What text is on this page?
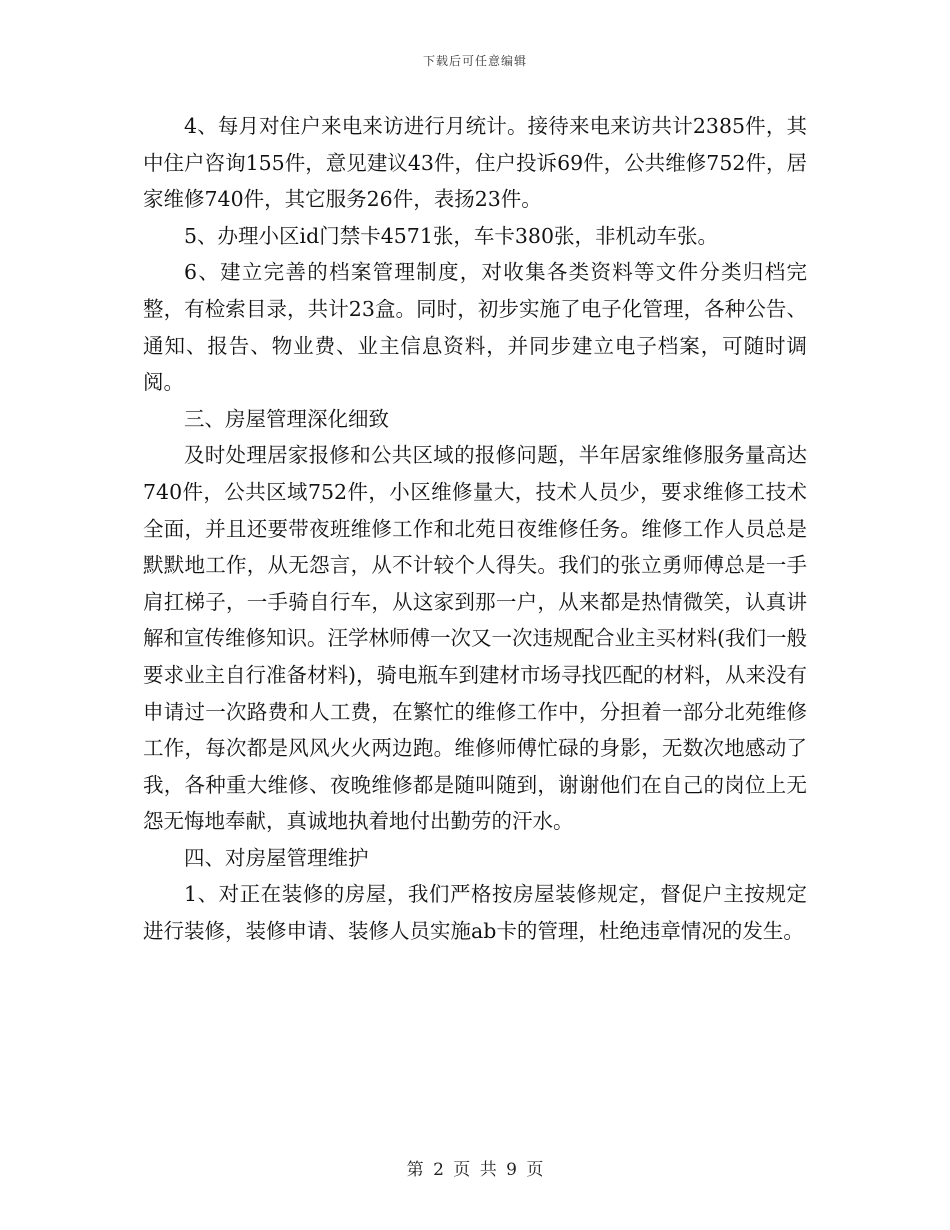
下载后可任意编辑

4、每月对住户来电来访进行月统计。接待来电来访共计2385件，其中住户咨询155件，意见建议43件，住户投诉69件，公共维修752件，居家维修740件，其它服务26件，表扬23件。

5、办理小区id门禁卡4571张，车卡380张，非机动车张。

6、建立完善的档案管理制度，对收集各类资料等文件分类归档完整，有检索目录，共计23盒。同时，初步实施了电子化管理，各种公告、通知、报告、物业费、业主信息资料，并同步建立电子档案，可随时调阅。

三、房屋管理深化细致

及时处理居家报修和公共区域的报修问题，半年居家维修服务量高达740件，公共区域752件，小区维修量大，技术人员少，要求维修工技术全面，并且还要带夜班维修工作和北苑日夜维修任务。维修工作人员总是默默地工作，从无怨言，从不计较个人得失。我们的张立勇师傅总是一手肩扛梯子，一手骑自行车，从这家到那一户，从来都是热情微笑，认真讲解和宣传维修知识。汪学林师傅一次又一次违规配合业主买材料(我们一般要求业主自行准备材料)，骑电瓶车到建材市场寻找匹配的材料，从来没有申请过一次路费和人工费，在繁忙的维修工作中，分担着一部分北苑维修工作，每次都是风风火火两边跑。维修师傅忙碌的身影，无数次地感动了我，各种重大维修、夜晚维修都是随叫随到，谢谢他们在自己的岗位上无怨无悔地奉献，真诚地执着地付出勤劳的汗水。

四、对房屋管理维护

1、对正在装修的房屋，我们严格按房屋装修规定，督促户主按规定进行装修，装修申请、装修人员实施ab卡的管理，杜绝违章情况的发生。

第 2 页 共 9 页
